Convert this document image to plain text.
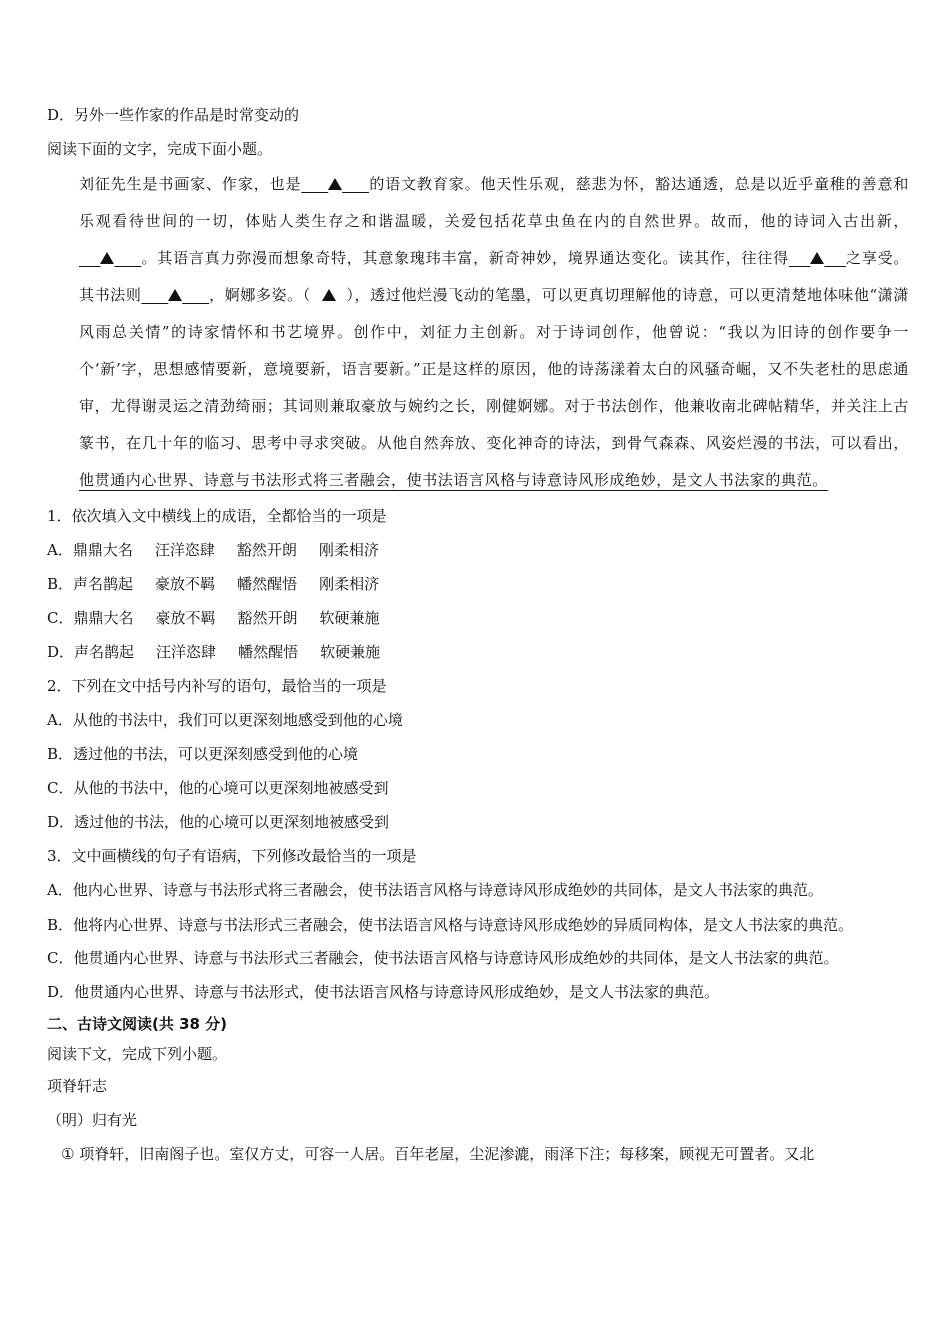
D．另外一些作家的作品是时常变动的
阅读下面的文字，完成下面小题。

刘征先生是书画家、作家，也是	的语文教育家。他天性乐观，慈悲为怀，豁达通透，总是以近乎童稚的善意和乐观看待世间的一切，体贴人类生存之和谐温暖，关爱包括花草虫鱼在内的自然世界。故而，他的诗词入古出新，         。其语言真力弥漫而想象奇特，其意象瑰玮丰富，新奇神妙，境界通达变化。读其作，往往得	之享受。其书法则	，婀娜多姿。（ ），透过他烂漫飞动的笔墨，可以更真切理解他的诗意，可以更清楚地体味他“潇潇风雨总关情”的诗家情怀和书艺境界。创作中，刘征力主创新。对于诗词创作，他曾说：“我以为旧诗的创作要争一个‘新’字，思想感情要新，意境要新，语言要新。”正是这样的原因，他的诗荡漾着太白的风骚奇崛，又不失老杜的思虑通审，尤得谢灵运之清劲绮丽；其词则兼取豪放与婉约之长，刚健婀娜。对于书法创作，他兼收南北碑帖精华，并关注上古篆书，在几十年的临习、思考中寻求突破。从他自然奔放、变化神奇的诗法，到骨气森森、风姿烂漫的书法，可以看出，他贯通内心世界、诗意与书法形式将三者融会，使书法语言风格与诗意诗风形成绝妙，是文人书法家的典范。

1．依次填入文中横线上的成语，全都恰当的一项是
A．鼎鼎大名 汪洋恣肆 豁然开朗 刚柔相济
B．声名鹊起 豪放不羁 幡然醒悟 刚柔相济
C．鼎鼎大名 豪放不羁 豁然开朗 软硬兼施
D．声名鹊起 汪洋恣肆 幡然醒悟 软硬兼施
2．下列在文中括号内补写的语句，最恰当的一项是
A．从他的书法中，我们可以更深刻地感受到他的心境
B．透过他的书法，可以更深刻感受到他的心境
C．从他的书法中，他的心境可以更深刻地被感受到
D．透过他的书法，他的心境可以更深刻地被感受到
3．文中画横线的句子有语病，下列修改最恰当的一项是
A．他内心世界、诗意与书法形式将三者融会，使书法语言风格与诗意诗风形成绝妙的共同体，是文人书法家的典范。
B．他将内心世界、诗意与书法形式三者融会，使书法语言风格与诗意诗风形成绝妙的异质同构体，是文人书法家的典范。
C．他贯通内心世界、诗意与书法形式三者融会，使书法语言风格与诗意诗风形成绝妙的共同体，是文人书法家的典范。
D．他贯通内心世界、诗意与书法形式，使书法语言风格与诗意诗风形成绝妙，是文人书法家的典范。
二、古诗文阅读(共 38 分)
阅读下文，完成下列小题。
项脊轩志
（明）归有光
① 项脊轩，旧南阁子也。室仅方丈，可容一人居。百年老屋，尘泥渗漉，雨泽下注；每移案，顾视无可置者。又北
